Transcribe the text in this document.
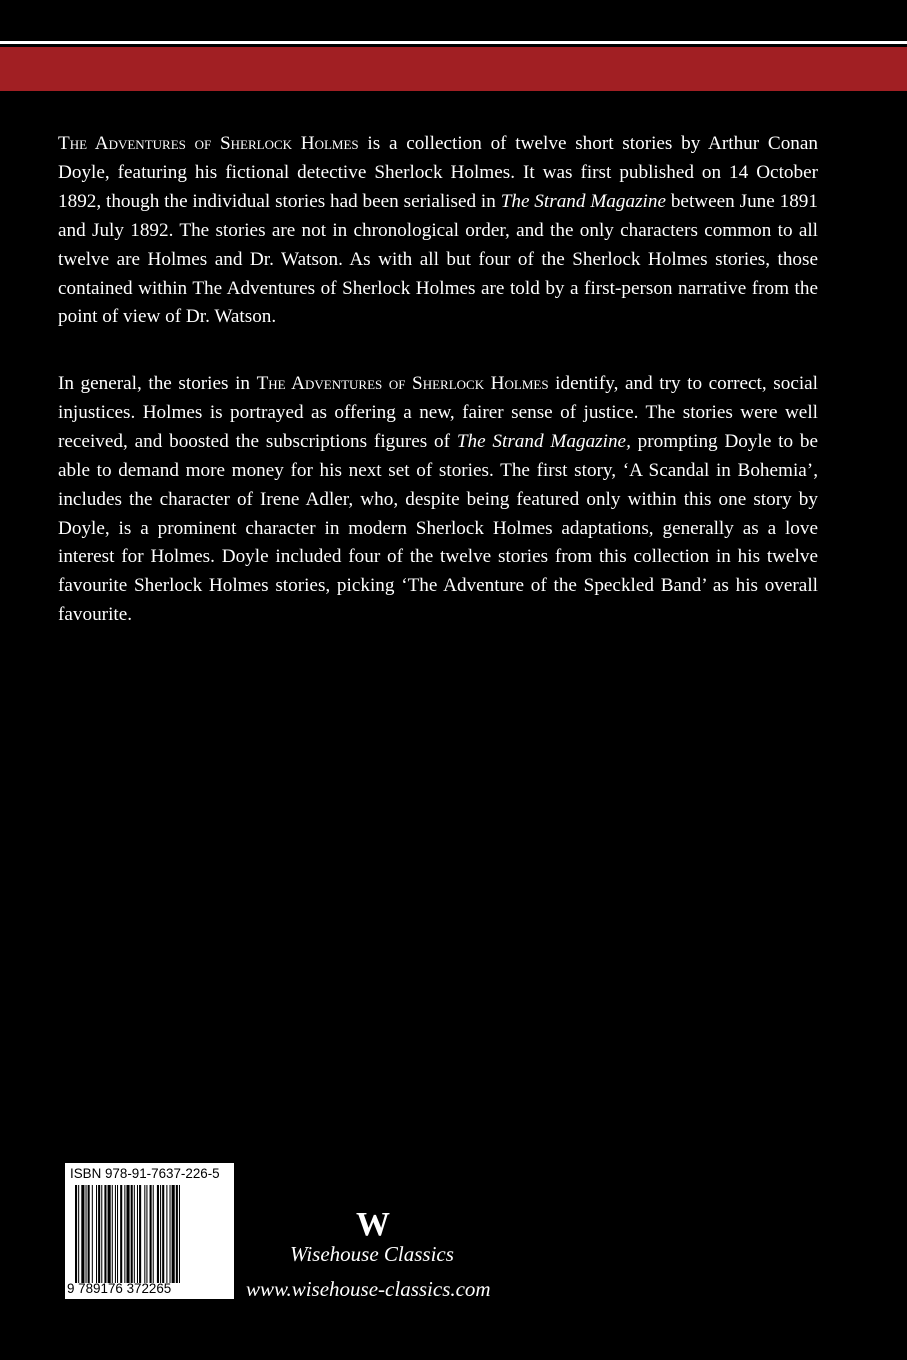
The Adventures of Sherlock Holmes is a collection of twelve short stories by Arthur Conan Doyle, featuring his fictional detective Sherlock Holmes. It was first published on 14 October 1892, though the individual stories had been serialised in The Strand Magazine between June 1891 and July 1892. The stories are not in chronological order, and the only characters common to all twelve are Holmes and Dr. Watson. As with all but four of the Sherlock Holmes stories, those contained within The Adventures of Sherlock Holmes are told by a first-person narrative from the point of view of Dr. Watson.

In general, the stories in The Adventures of Sherlock Holmes identify, and try to correct, social injustices. Holmes is portrayed as offering a new, fairer sense of justice. The stories were well received, and boosted the subscriptions figures of The Strand Magazine, prompting Doyle to be able to demand more money for his next set of stories. The first story, ‘A Scandal in Bohemia’, includes the character of Irene Adler, who, despite being featured only within this one story by Doyle, is a prominent character in modern Sherlock Holmes adaptations, generally as a love interest for Holmes. Doyle included four of the twelve stories from this collection in his twelve favourite Sherlock Holmes stories, picking ‘The Adventure of the Speckled Band’ as his overall favourite.

ISBN 978-91-7637-226-5
9 789176 372265
W
Wisehouse Classics
www.wisehouse-classics.com
